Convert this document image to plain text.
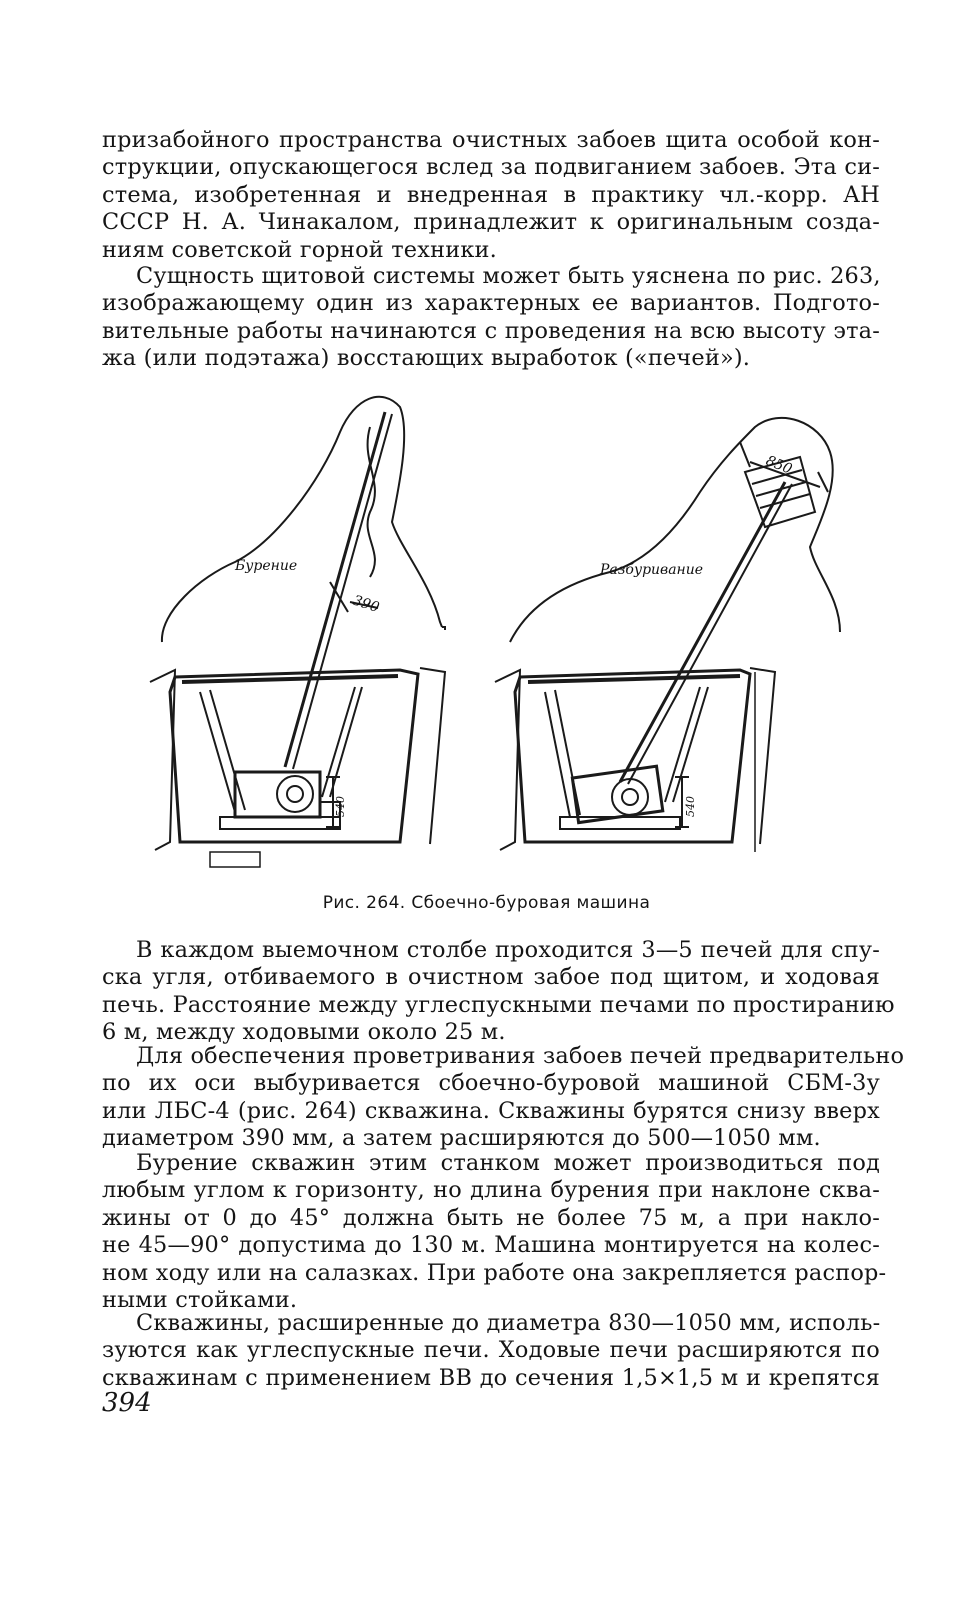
призабойного пространства очистных забоев щита особой кон-
струкции, опускающегося вслед за подвиганием забоев. Эта си-
стема, изобретенная и внедренная в практику чл.-корр. АН
СССР Н. А. Чинакалом, принадлежит к оригинальным созда-
ниям советской горной техники.
Сущность щитовой системы может быть уяснена по рис. 263,
изображающему один из характерных ее вариантов. Подгото-
вительные работы начинаются с проведения на всю высоту эта-
жа (или подэтажа) восстающих выработок («печей»).
Бурение	Разбуривание
390
850
540	540
Рис. 264. Сбоечно-буровая машина
В каждом выемочном столбе проходится 3—5 печей для спу-
ска угля, отбиваемого в очистном забое под щитом, и ходовая
печь. Расстояние между углеспускными печами по простиранию
6 м, между ходовыми около 25 м.
Для обеспечения проветривания забоев печей предварительно
по их оси выбуривается сбоечно-буровой машиной СБМ-3у
или ЛБС-4 (рис. 264) скважина. Скважины бурятся снизу вверх
диаметром 390 мм, а затем расширяются до 500—1050 мм.
Бурение скважин этим станком может производиться под
любым углом к горизонту, но длина бурения при наклоне сква-
жины от 0 до 45° должна быть не более 75 м, а при накло-
не 45—90° допустима до 130 м. Машина монтируется на колес-
ном ходу или на салазках. При работе она закрепляется распор-
ными стойками.
Скважины, расширенные до диаметра 830—1050 мм, исполь-
зуются как углеспускные печи. Ходовые печи расширяются по
скважинам с применением ВВ до сечения 1,5×1,5 м и крепятся
394
